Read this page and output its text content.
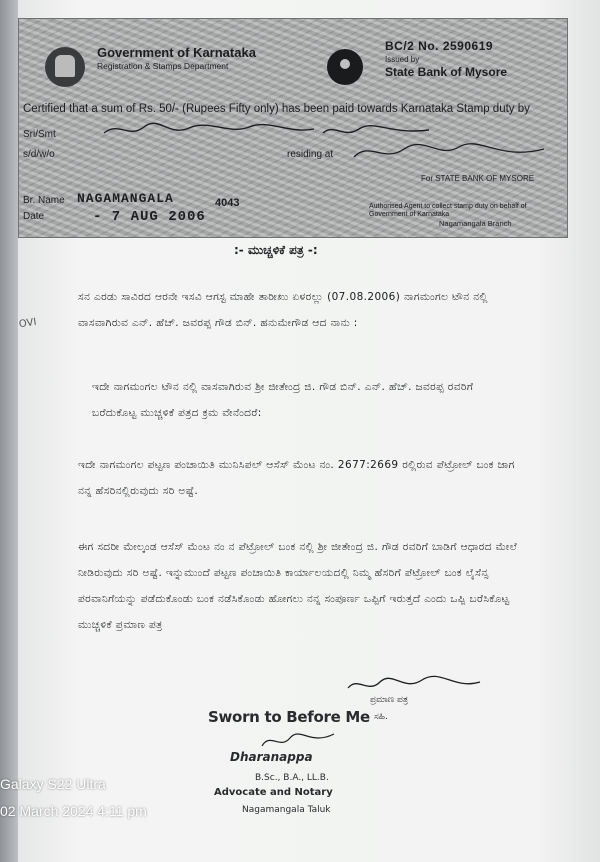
Government of Karnataka
Registration & Stamps Department
BC/2 No. 2590619
Issued by
State Bank of Mysore
Certified that a sum of Rs. 50/- (Rupees Fifty only) has been paid towards Karnataka Stamp duty by
Sri/Smt
s/d/w/o	residing at
Br. Name
Date
NAGAMANGALA	4043
- 7 AUG 2006
For STATE BANK OF MYSORE
Authorised Agent to collect stamp duty on behalf of Government of Karnataka
Nagamangala Branch
:- ಮುಚ್ಚಳಿಕೆ ಪತ್ರ -:
OVI
ಸನ ಎರಡು ಸಾವಿರದ ಆರನೇ ಇಸವಿ ಆಗಸ್ಟ ಮಾಹೇ ತಾರೀಖು ಏಳರಲ್ಲು (07.08.2006) ನಾಗಮಂಗಲ ಟೌನ ನಲ್ಲಿ ವಾಸವಾಗಿರುವ ಎನ್. ಹೆಚ್. ಜವರಪ್ಪ ಗೌಡ ಬಿನ್. ಹನುಮೇಗೌಡ ಆದ ನಾನು :
ಇದೇ ನಾಗಮಂಗಲ ಟೌನ ನಲ್ಲಿ ವಾಸವಾಗಿರುವ ಶ್ರೀ ಜೀತೇಂದ್ರ ಜಿ. ಗೌಡ ಬಿನ್. ಎನ್. ಹೆಚ್. ಜವರಪ್ಪ ರವರಿಗೆ ಬರೆದುಕೊಟ್ಟ ಮುಚ್ಚಳಿಕೆ ಪತ್ರದ ಕ್ರಮ ವೇನೆಂದರೆ:
ಇದೇ ನಾಗಮಂಗಲ ಪಟ್ಟಣ ಪಂಚಾಯಿತಿ ಮುನಿಸಿಪಲ್ ಆಸೆಸ್ ಮೆಂಟ ನಂ. 2677:2669 ರಲ್ಲಿರುವ ಪೆಟ್ರೋಲ್ ಬಂಕ ಜಾಗ ನನ್ನ ಹೆಸರಿನಲ್ಲಿರುವುದು ಸರಿ ಅಷ್ಟೆ.
ಈಗ ಸದರೀ ಮೇಲ್ಕಂಡ ಆಸೆಸ್ ಮೆಂಟ ನಂ ನ ಪೆಟ್ರೋಲ್ ಬಂಕ ನಲ್ಲಿ ಶ್ರೀ ಜೀತೇಂದ್ರ ಜಿ. ಗೌಡ ರವರಿಗೆ ಬಾಡಿಗೆ ಆಧಾರದ ಮೇಲೆ ನೀಡಿರುವುದು ಸರಿ ಅಷ್ಟೆ. ಇನ್ನುಮುಂದೆ ಪಟ್ಟಣ ಪಂಚಾಯಿತಿ ಕಾರ್ಯಾಲಯದಲ್ಲಿ ನಿಮ್ಮ ಹೆಸರಿಗೆ ಪೆಟ್ರೋಲ್ ಬಂಕ ಲೈಸೆನ್ಸ ಪರವಾನಿಗೆಯನ್ನು ಪಡೆದುಕೊಂಡು ಬಂಕ ನಡೆಸಿಕೊಂಡು ಹೋಗಲು ನನ್ನ ಸಂಪೂರ್ಣ ಒಪ್ಪಿಗೆ ಇರುತ್ತದೆ ಎಂದು ಒಪ್ಪಿ ಬರೆಸಿಕೊಟ್ಟ ಮುಚ್ಚಳಿಕೆ ಪ್ರಮಾಣ ಪತ್ರ
ಪ್ರಮಾಣ ಪತ್ರ
ಸಹಿ.
Sworn to Before Me
Dharanappa
B.Sc., B.A., LL.B.
Advocate and Notary
Nagamangala Taluk
Galaxy S22 Ultra
02 March 2024 4:11 pm
